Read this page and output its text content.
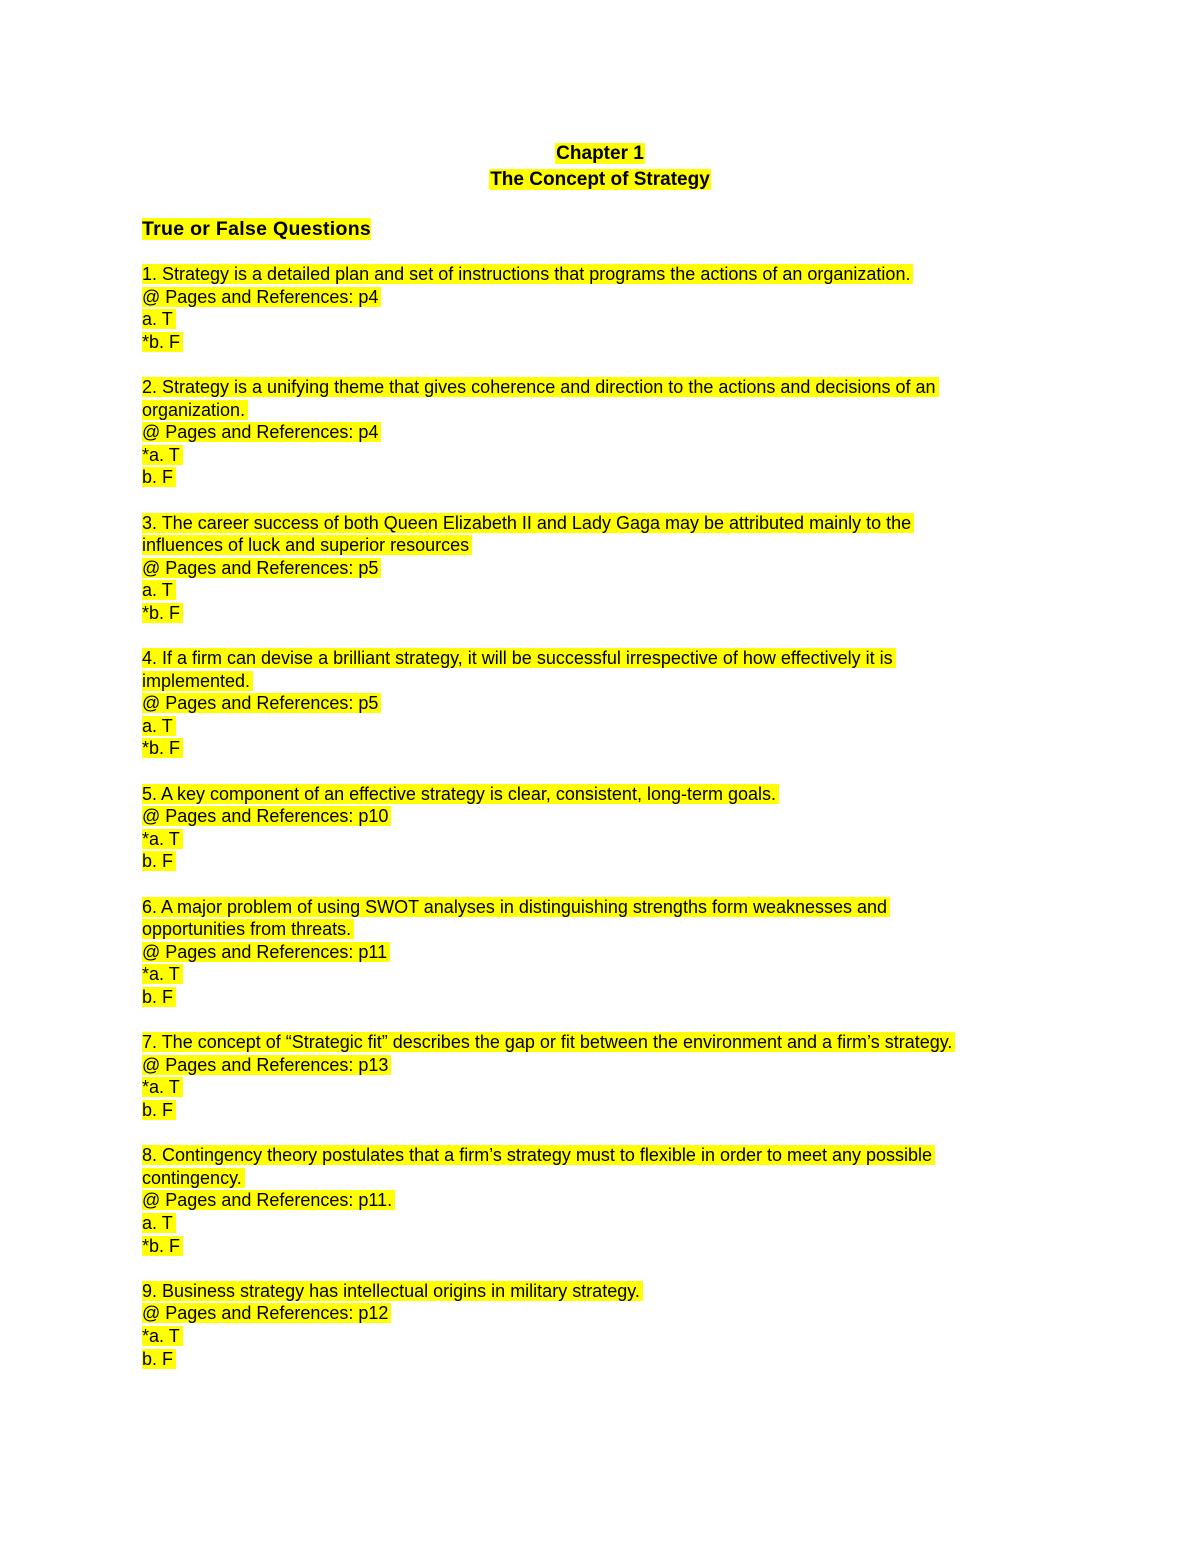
Chapter 1
The Concept of Strategy
True or False Questions
1. Strategy is a detailed plan and set of instructions that programs the actions of an organization.
@ Pages and References: p4
a. T
*b. F
2. Strategy is a unifying theme that gives coherence and direction to the actions and decisions of an
organization.
@ Pages and References: p4
*a. T
b. F
3. The career success of both Queen Elizabeth II and Lady Gaga may be attributed mainly to the
influences of luck and superior resources
@ Pages and References: p5
a. T
*b. F
4. If a firm can devise a brilliant strategy, it will be successful irrespective of how effectively it is
implemented.
@ Pages and References: p5
a. T
*b. F
5. A key component of an effective strategy is clear, consistent, long-term goals.
@ Pages and References: p10
*a. T
b. F
6. A major problem of using SWOT analyses in distinguishing strengths form weaknesses and
opportunities from threats.
@ Pages and References: p11
*a. T
b. F
7. The concept of “Strategic fit” describes the gap or fit between the environment and a firm’s strategy.
@ Pages and References: p13
*a. T
b. F
8. Contingency theory postulates that a firm’s strategy must to flexible in order to meet any possible
contingency.
@ Pages and References: p11.
a. T
*b. F
9. Business strategy has intellectual origins in military strategy.
@ Pages and References: p12
*a. T
b. F
